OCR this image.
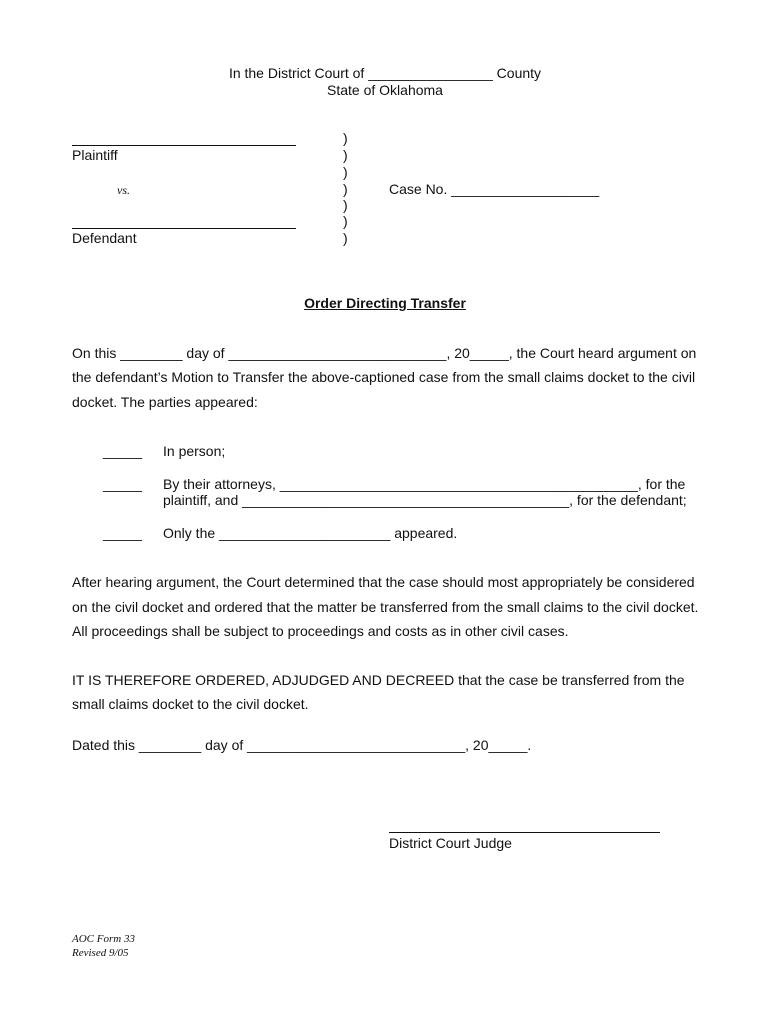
In the District Court of ________________ County
State of Oklahoma
Plaintiff
vs.
Defendant
)
)
)
)
)
)
)
Case No. ___________________
Order Directing Transfer
On this ________ day of ____________________________, 20_____, the Court heard argument on
the defendant’s Motion to Transfer the above-captioned case from the small claims docket to the civil
docket. The parties appeared:
_____ In person;
_____ By their attorneys, ______________________________________________, for the
plaintiff, and __________________________________________, for the defendant;
_____ Only the ______________________ appeared.
After hearing argument, the Court determined that the case should most appropriately be considered
on the civil docket and ordered that the matter be transferred from the small claims to the civil docket.
All proceedings shall be subject to proceedings and costs as in other civil cases.
IT IS THEREFORE ORDERED, ADJUDGED AND DECREED that the case be transferred from the
small claims docket to the civil docket.
Dated this ________ day of ____________________________, 20_____.
District Court Judge
AOC Form 33
Revised 9/05
